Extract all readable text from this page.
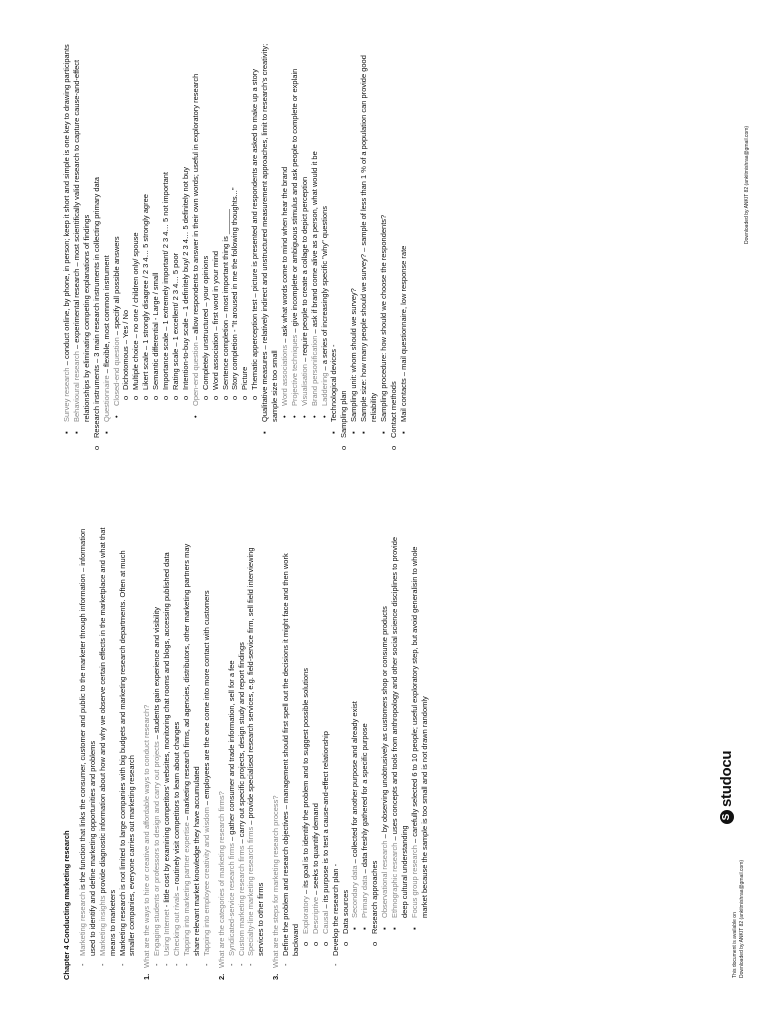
Chapter 4 Conducting marketing research -
Marketing research is the function that links the consumer, customer and public to the marketer through information – information used to identify and define marketing opportunities and problems
-
Marketing insights provide diagnostic information about how and why we observe certain effects in the marketplace and what that means to marketers
-
Marketing research is not limited to large companies with big budgets and marketing research departments. Often at much smaller companies, everyone carries out marketing research
1.
What are the ways to hire or creative and affordable ways to conduct research? -
Engaging students or professors to design and carry out projects – students gain experience and visibility
-
Using Internet - little cost by examining competitors' websites, monitoring chat rooms and blogs, accessing published data
-
Checking out rivals – routinely visit competitors to learn about changes
-
Tapping into marketing partner expertise – marketing research firms, ad agencies, distributors, other marketing partners may share relevant market knowledge they have accumulated
-
Tapping into employee creativity and wisdom – employees are the one come into more contact with customers
2.
What are the categories of marketing research firms? -
Syndicated-service research firms – gather consumer and trade information, sell for a fee
-
Custom marketing research firms – carry out specific projects, design study and report findings
-
Specialty-line marketing research firms – provide specialised research services, e.g. field-service firm, sell field interviewing services to other firms
3.
What are the steps for marketing research process? -
Define the problem and research objectives – management should first spell out the decisions it might face and then work backward o
Exploratory – its goal is to identify the problem and to suggest possible solutions
o
Descriptive – seeks to quantify demand
o
Causal – its purpose is to test a cause-and-effect relationship
-
Develop the research plan - o
Data sources ▪
Secondary data – collected for another purpose and already exist
▪
Primary data – data freshly gathered for a specific purpose
o
Research approaches ▪
Observational research – by observing unobtrusively as customers shop or consume products
▪
Ethnographic research – uses concepts and tools from anthropology and other social science disciplines to provide deep cultural understanding
▪
Focus group research – carefully selected 6 to 10 people; useful exploratory step, but avoid generalisin to whole market because the sample is too small and is not drawn randomly
▪
Survey research – conduct online, by phone, in person; keep it short and simple is one key to drawing participants
▪
Behavioural research – experimental research – most scientifically valid research to capture cause-and-effect relationships by eliminating competing explanations of findings
o
Research instruments – 3 main research instruments in collecting primary data ▪
Questionnaire – flexible, most common instrument
•
Closed-end question – specify all possible answers
o
Dichotomous – Yes / No
o
Multiple choice – no one / children only/ spouse
o
Likert scale – 1 strongly disagree / 2 3 4… 5 strongly agree
o
Semantic differential - Large / small
o
Importance scale – 1 extremely important/ 2 3 4… 5 not important
o
Rating scale – 1 excellent/ 2 3 4… 5 poor
o
Intention-to-buy scale – 1 definitely buy/ 2 3 4… 5 definitely not buy
•
Open-end question – allow respondents to answer in their own words; useful in exploratory research
o
Completely unstructured – your opinions
o
Word association – first word in your mind
o
Sentence completion – most important thing is ______
o
Story completion - "It aroused in me the following thoughts..."
o
Picture
o
Thematic apperception test – picture is presented and respondents are asked to make up a story
▪
Qualitative measures – relatively indirect and unstructured measurement approaches, limit to research's creativity; sample size too small •
Word associations – ask what words come to mind when hear the brand
•
Projective techniques – give incomplete or ambiguous stimulus and ask people to complete or explain
•
Visualisation – require people to create a collage to depict perception
•
Brand personification – ask if brand come alive as a person, what would it be
•
Laddering – a series of increasingly specific "why" questions
▪
Technological devices -
o
Sampling plan ▪
Sampling unit: whom should we survey?
▪
Sample size: how many people should we survey? – sample of less than 1 % of a population can provide good reliability
▪
Sampling procedure: how should we choose the respondents?
o
Contact methods ▪
Mail contacts – mail questionnaire, low response rate
This document is available on Downloaded by ANKIT 82 (ankitmishraa@gmail.com)
S
studocu
Downloaded by ANKIT 82 (ankitmishraa@gmail.com)
